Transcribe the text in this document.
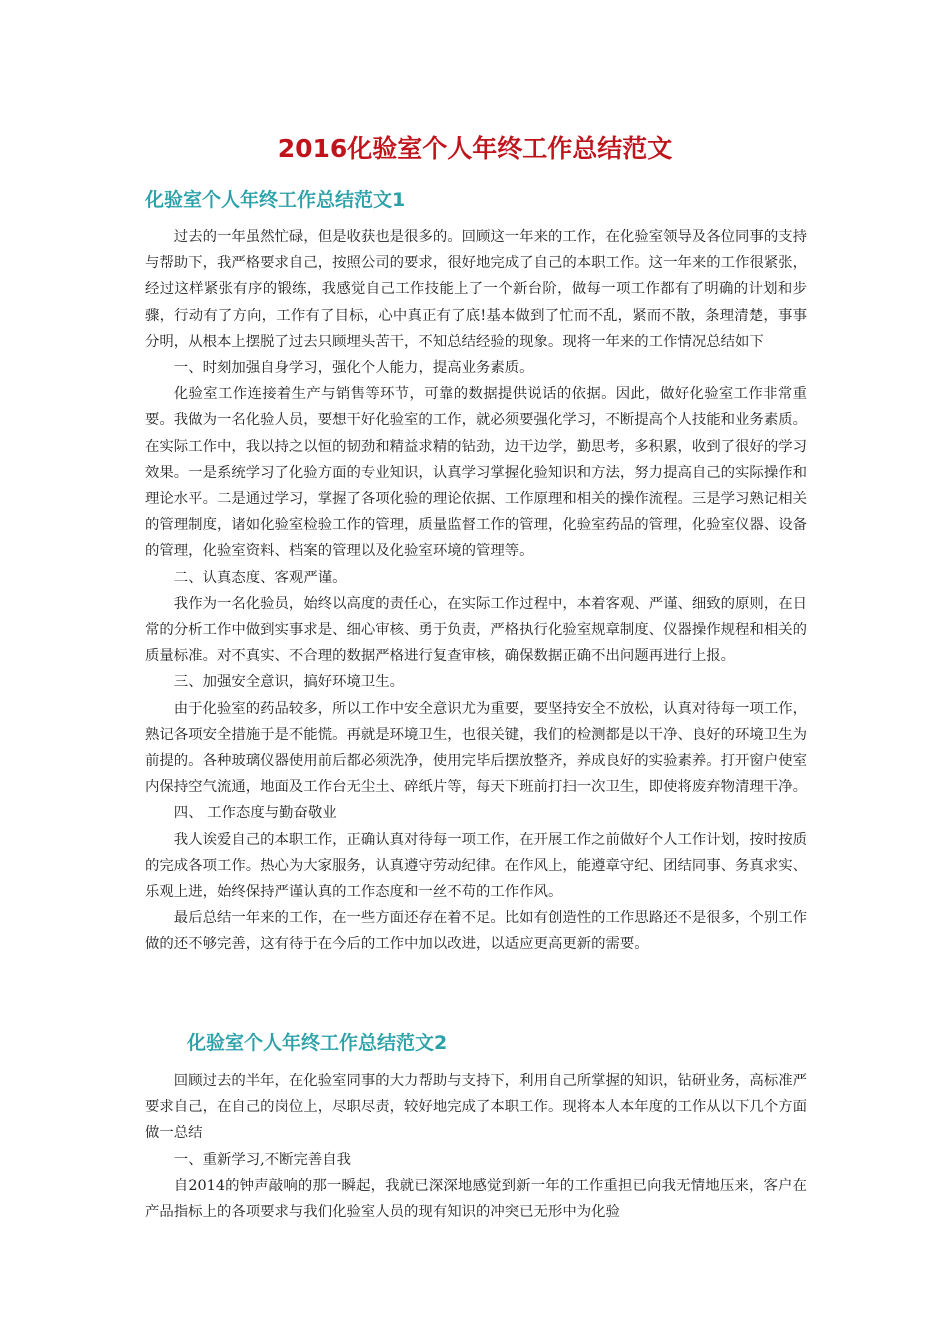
2016化验室个人年终工作总结范文
化验室个人年终工作总结范文1

过去的一年虽然忙碌，但是收获也是很多的。回顾这一年来的工作，在化验室领导及各位同事的支持与帮助下，我严格要求自己，按照公司的要求，很好地完成了自己的本职工作。这一年来的工作很紧张，经过这样紧张有序的锻练，我感觉自己工作技能上了一个新台阶，做每一项工作都有了明确的计划和步骤，行动有了方向，工作有了目标，心中真正有了底!基本做到了忙而不乱，紧而不散，条理清楚，事事分明，从根本上摆脱了过去只顾埋头苦干，不知总结经验的现象。现将一年来的工作情况总结如下

一、时刻加强自身学习，强化个人能力，提高业务素质。

化验室工作连接着生产与销售等环节，可靠的数据提供说话的依据。因此，做好化验室工作非常重要。我做为一名化验人员，要想干好化验室的工作，就必须要强化学习，不断提高个人技能和业务素质。在实际工作中，我以持之以恒的韧劲和精益求精的钻劲，边干边学，勤思考，多积累，收到了很好的学习效果。一是系统学习了化验方面的专业知识，认真学习掌握化验知识和方法，努力提高自己的实际操作和理论水平。二是通过学习，掌握了各项化验的理论依据、工作原理和相关的操作流程。三是学习熟记相关的管理制度，诸如化验室检验工作的管理，质量监督工作的管理，化验室药品的管理，化验室仪器、设备的管理，化验室资料、档案的管理以及化验室环境的管理等。

二、认真态度、客观严谨。

我作为一名化验员，始终以高度的责任心，在实际工作过程中，本着客观、严谨、细致的原则，在日常的分析工作中做到实事求是、细心审核、勇于负责，严格执行化验室规章制度、仪器操作规程和相关的质量标准。对不真实、不合理的数据严格进行复查审核，确保数据正确不出问题再进行上报。

三、加强安全意识，搞好环境卫生。

由于化验室的药品较多，所以工作中安全意识尤为重要，要坚持安全不放松，认真对待每一项工作，熟记各项安全措施于是不能慌。再就是环境卫生，也很关键，我们的检测都是以干净、良好的环境卫生为前提的。各种玻璃仪器使用前后都必须洗净，使用完毕后摆放整齐，养成良好的实验素养。打开窗户使室内保持空气流通，地面及工作台无尘土、碎纸片等，每天下班前打扫一次卫生，即使将废弃物清理干净。

四、 工作态度与勤奋敬业

我人诶爱自己的本职工作，正确认真对待每一项工作，在开展工作之前做好个人工作计划，按时按质的完成各项工作。热心为大家服务，认真遵守劳动纪律。在作风上，能遵章守纪、团结同事、务真求实、乐观上进，始终保持严谨认真的工作态度和一丝不苟的工作作风。

最后总结一年来的工作，在一些方面还存在着不足。比如有创造性的工作思路还不是很多，个别工作做的还不够完善，这有待于在今后的工作中加以改进，以适应更高更新的需要。

化验室个人年终工作总结范文2

回顾过去的半年，在化验室同事的大力帮助与支持下，利用自己所掌握的知识，钻研业务，高标准严要求自己，在自己的岗位上，尽职尽责，较好地完成了本职工作。现将本人本年度的工作从以下几个方面做一总结

一、重新学习,不断完善自我

自2014的钟声敲响的那一瞬起，我就已深深地感觉到新一年的工作重担已向我无情地压来，客户在产品指标上的各项要求与我们化验室人员的现有知识的冲突已无形中为化验
